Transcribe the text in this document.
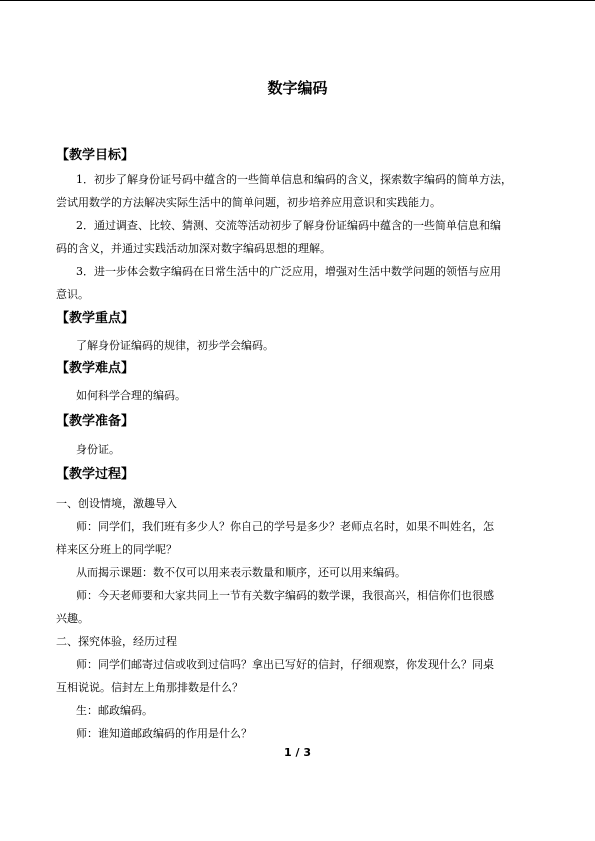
数字编码
【教学目标】
1．初步了解身份证号码中蕴含的一些简单信息和编码的含义，探索数字编码的简单方法，
尝试用数学的方法解决实际生活中的简单问题，初步培养应用意识和实践能力。
2．通过调查、比较、猜测、交流等活动初步了解身份证编码中蕴含的一些简单信息和编
码的含义，并通过实践活动加深对数字编码思想的理解。
3．进一步体会数字编码在日常生活中的广泛应用，增强对生活中数学问题的领悟与应用
意识。
【教学重点】
了解身份证编码的规律，初步学会编码。
【教学难点】
如何科学合理的编码。
【教学准备】
身份证。
【教学过程】
一、创设情境，激趣导入
师：同学们，我们班有多少人？你自己的学号是多少？老师点名时，如果不叫姓名，怎
样来区分班上的同学呢？
从而揭示课题：数不仅可以用来表示数量和顺序，还可以用来编码。
师：今天老师要和大家共同上一节有关数字编码的数学课，我很高兴，相信你们也很感
兴趣。
二、探究体验，经历过程
师：同学们邮寄过信或收到过信吗？拿出已写好的信封，仔细观察，你发现什么？同桌
互相说说。信封左上角那排数是什么？
生：邮政编码。
师：谁知道邮政编码的作用是什么？
1 / 3
